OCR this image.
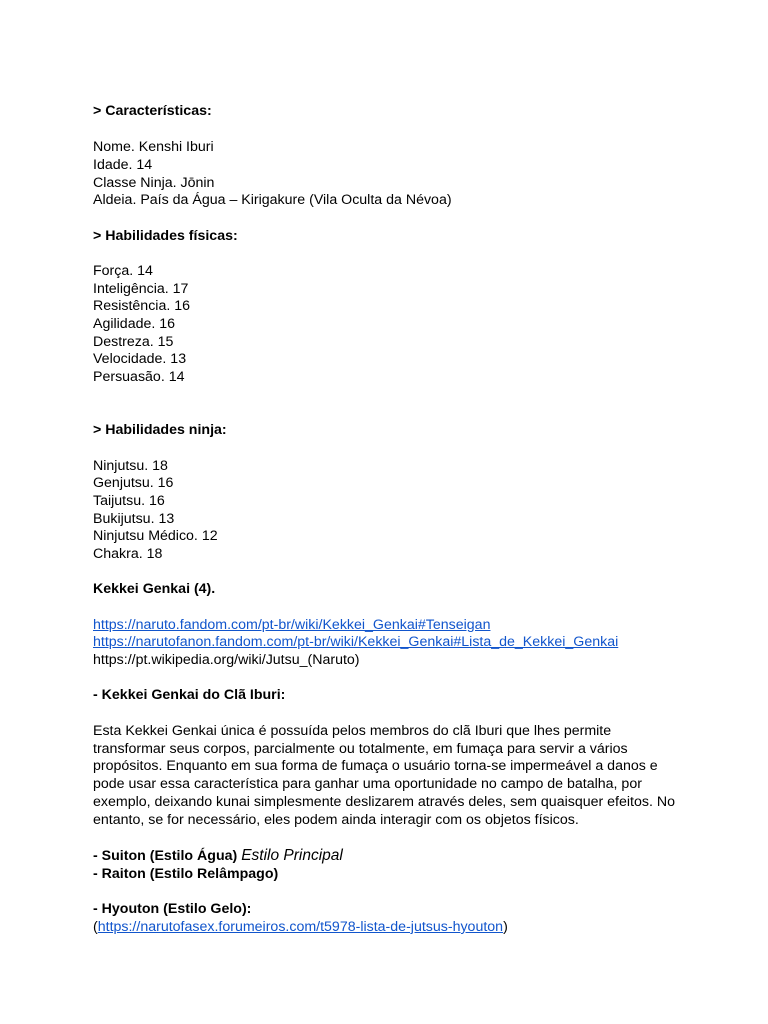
> Características:
Nome. Kenshi Iburi
Idade. 14
Classe Ninja. Jōnin
Aldeia. País da Água – Kirigakure (Vila Oculta da Névoa)
> Habilidades físicas:
Força. 14
Inteligência. 17
Resistência. 16
Agilidade. 16
Destreza. 15
Velocidade. 13
Persuasão. 14
> Habilidades ninja:
Ninjutsu. 18
Genjutsu. 16
Taijutsu. 16
Bukijutsu. 13
Ninjutsu Médico. 12
Chakra. 18
Kekkei Genkai (4).
https://naruto.fandom.com/pt-br/wiki/Kekkei_Genkai#Tenseigan
https://narutofanon.fandom.com/pt-br/wiki/Kekkei_Genkai#Lista_de_Kekkei_Genkai
https://pt.wikipedia.org/wiki/Jutsu_(Naruto)
- Kekkei Genkai do Clã Iburi:
Esta Kekkei Genkai única é possuída pelos membros do clã Iburi que lhes permite
transformar seus corpos, parcialmente ou totalmente, em fumaça para servir a vários
propósitos. Enquanto em sua forma de fumaça o usuário torna-se impermeável a danos e
pode usar essa característica para ganhar uma oportunidade no campo de batalha, por
exemplo, deixando kunai simplesmente deslizarem através deles, sem quaisquer efeitos. No
entanto, se for necessário, eles podem ainda interagir com os objetos físicos.
- Suiton (Estilo Água) Estilo Principal
- Raiton (Estilo Relâmpago)
- Hyouton (Estilo Gelo):
(https://narutofasex.forumeiros.com/t5978-lista-de-jutsus-hyouton)
